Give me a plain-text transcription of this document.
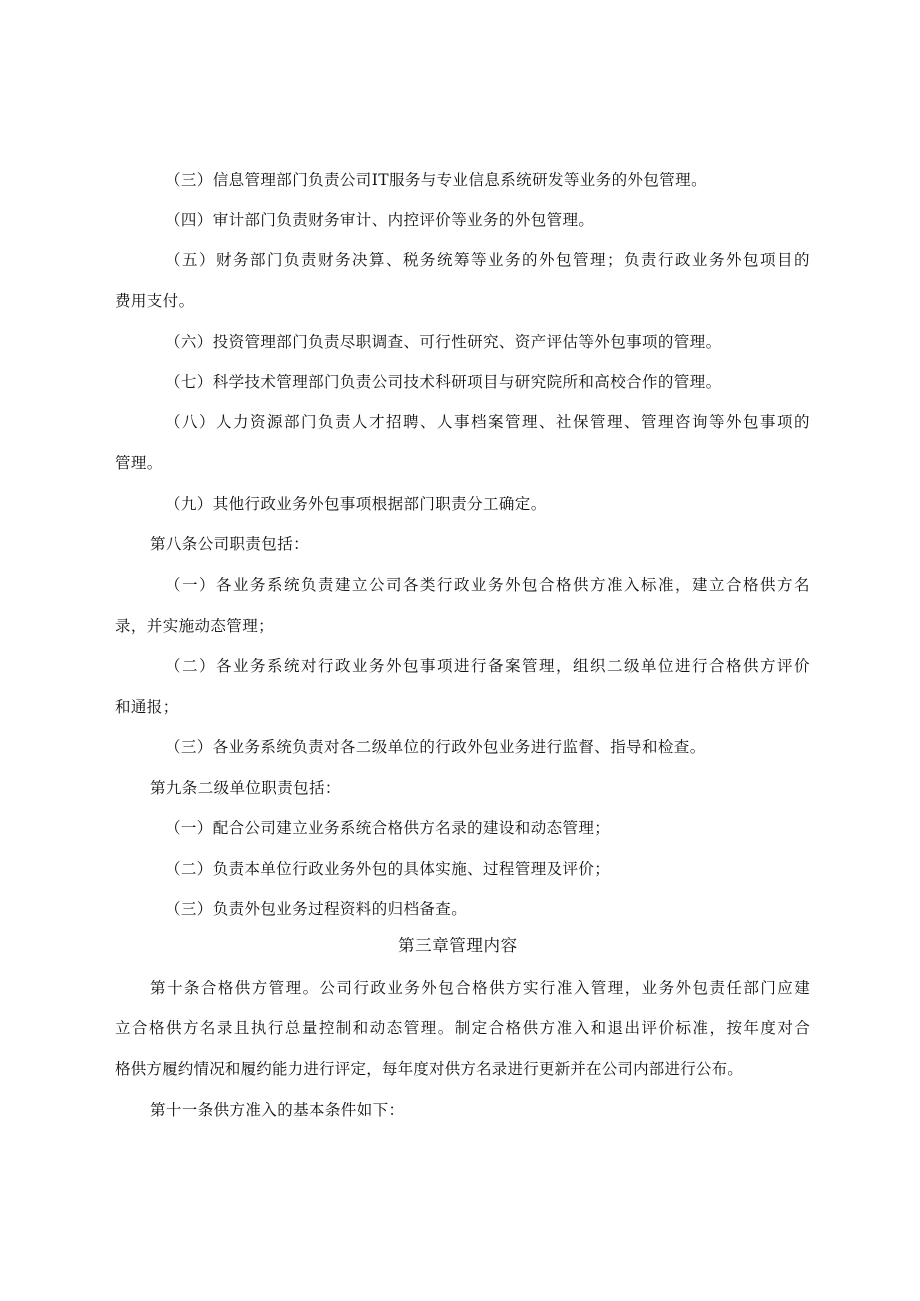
（三）信息管理部门负责公司IT服务与专业信息系统研发等业务的外包管理。
（四）审计部门负责财务审计、内控评价等业务的外包管理。
（ 五 ） 财 务 部 门 负 责 财 务 决 算 、 税 务 统 筹 等 业 务 的 外 包 管 理 ； 负 责 行 政 业 务 外 包 项 目 的
费用支付。
（六）投资管理部门负责尽职调查、可行性研究、资产评估等外包事项的管理。
（七）科学技术管理部门负责公司技术科研项目与研究院所和高校合作的管理。
（ 八 ） 人 力 资 源 部 门 负 责 人 才 招 聘 、 人 事 档 案 管 理 、 社 保 管 理 、 管 理 咨 询 等 外 包 事 项 的
管理。
（九）其他行政业务外包事项根据部门职责分工确定。
第八条公司职责包括：
（ 一 ） 各 业 务 系 统 负 责 建 立 公 司 各 类 行 政 业 务 外 包 合 格 供 方 准 入 标 准 ， 建 立 合 格 供 方 名
录，并实施动态管理；
（ 二 ） 各 业 务 系 统 对 行 政 业 务 外 包 事 项 进 行 备 案 管 理 ， 组 织 二 级 单 位 进 行 合 格 供 方 评 价
和通报；
（三）各业务系统负责对各二级单位的行政外包业务进行监督、指导和检查。
第九条二级单位职责包括：
（一）配合公司建立业务系统合格供方名录的建设和动态管理；
（二）负责本单位行政业务外包的具体实施、过程管理及评价；
（三）负责外包业务过程资料的归档备查。
第三章管理内容
第 十 条 合 格 供 方 管 理 。 公 司 行 政 业 务 外 包 合 格 供 方 实 行 准 入 管 理 ， 业 务 外 包 责 任 部 门 应 建
立 合 格 供 方 名 录 且 执 行 总 量 控 制 和 动 态 管 理 。 制 定 合 格 供 方 准 入 和 退 出 评 价 标 准 ， 按 年 度 对 合
格供方履约情况和履约能力进行评定，每年度对供方名录进行更新并在公司内部进行公布。
第十一条供方准入的基本条件如下：
